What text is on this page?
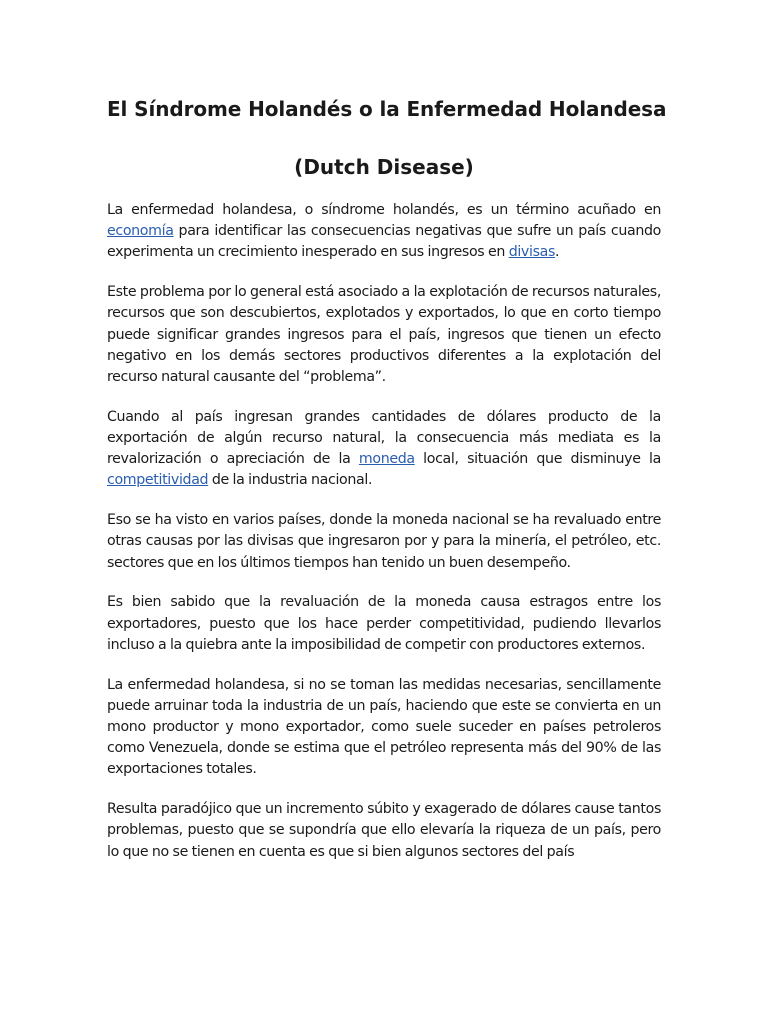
El Síndrome Holandés o la Enfermedad Holandesa
(Dutch Disease)

La enfermedad holandesa, o síndrome holandés, es un término acuñado en economía para identificar las consecuencias negativas que sufre un país cuando experimenta un crecimiento inesperado en sus ingresos en divisas.

Este problema por lo general está asociado a la explotación de recursos naturales, recursos que son descubiertos, explotados y exportados, lo que en corto tiempo puede significar grandes ingresos para el país, ingresos que tienen un efecto negativo en los demás sectores productivos diferentes a la explotación del recurso natural causante del “problema”.

Cuando al país ingresan grandes cantidades de dólares producto de la exportación de algún recurso natural, la consecuencia más mediata es la revalorización o apreciación de la moneda local, situación que disminuye la competitividad de la industria nacional.

Eso se ha visto en varios países, donde la moneda nacional se ha revaluado entre otras causas por las divisas que ingresaron por y para la minería, el petróleo, etc. sectores que en los últimos tiempos han tenido un buen desempeño.

Es bien sabido que la revaluación de la moneda causa estragos entre los exportadores, puesto que los hace perder competitividad, pudiendo llevarlos incluso a la quiebra ante la imposibilidad de competir con productores externos.

La enfermedad holandesa, si no se toman las medidas necesarias, sencillamente puede arruinar toda la industria de un país, haciendo que este se convierta en un mono productor y mono exportador, como suele suceder en países petroleros como Venezuela, donde se estima que el petróleo representa más del 90% de las exportaciones totales.

Resulta paradójico que un incremento súbito y exagerado de dólares cause tantos problemas, puesto que se supondría que ello elevaría la riqueza de un país, pero lo que no se tienen en cuenta es que si bien algunos sectores del país
